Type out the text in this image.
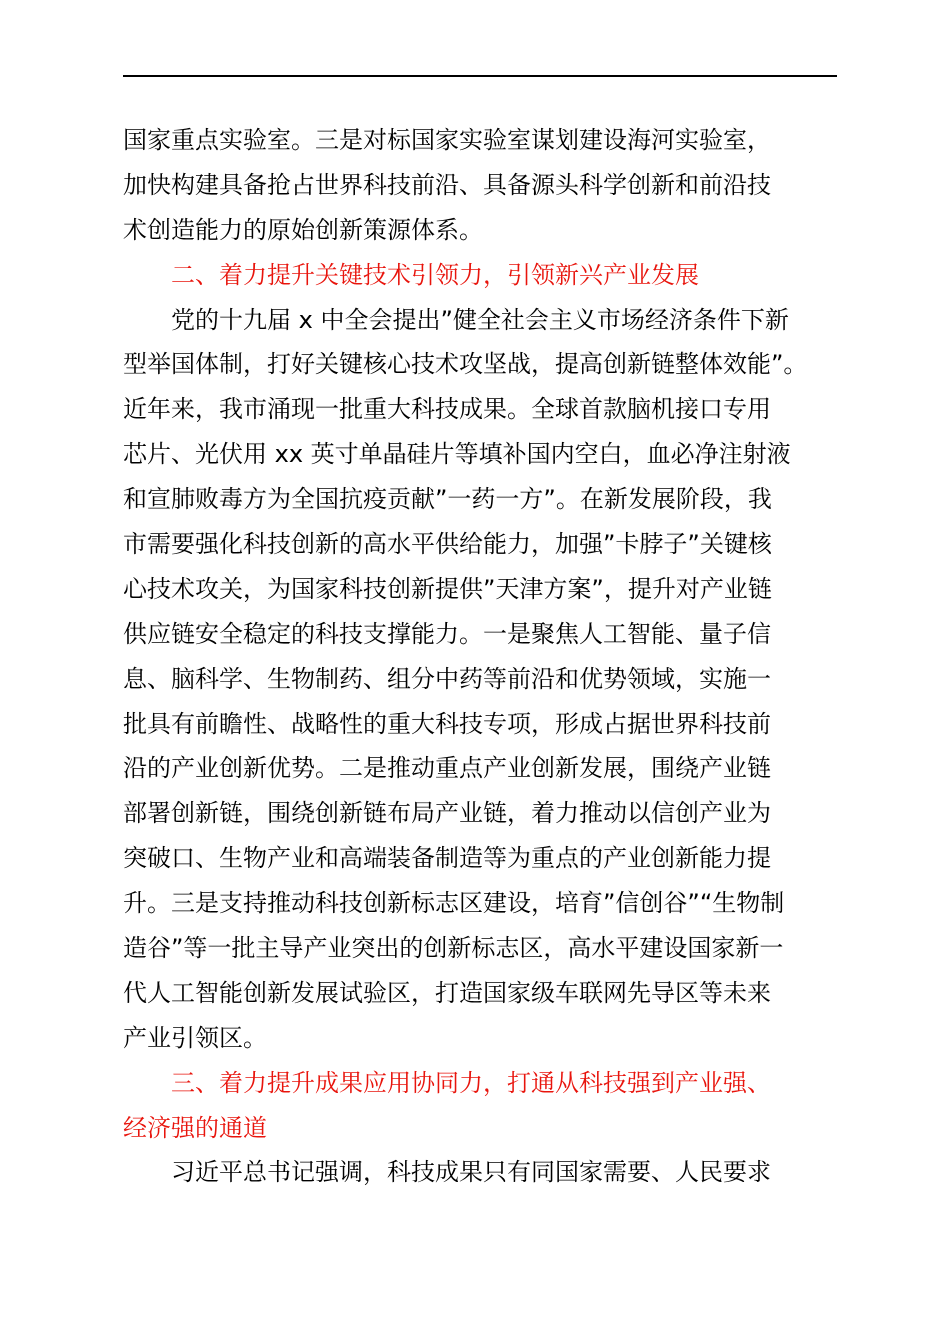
国家重点实验室。三是对标国家实验室谋划建设海河实验室，
加快构建具备抢占世界科技前沿、具备源头科学创新和前沿技
术创造能力的原始创新策源体系。
二、着力提升关键技术引领力，引领新兴产业发展
党的十九届 x 中全会提出”健全社会主义市场经济条件下新
型举国体制，打好关键核心技术攻坚战，提高创新链整体效能”。
近年来，我市涌现一批重大科技成果。全球首款脑机接口专用
芯片、光伏用 xx 英寸单晶硅片等填补国内空白，血必净注射液
和宣肺败毒方为全国抗疫贡献”一药一方”。在新发展阶段，我
市需要强化科技创新的高水平供给能力，加强”卡脖子”关键核
心技术攻关，为国家科技创新提供”天津方案”，提升对产业链
供应链安全稳定的科技支撑能力。一是聚焦人工智能、量子信
息、脑科学、生物制药、组分中药等前沿和优势领域，实施一
批具有前瞻性、战略性的重大科技专项，形成占据世界科技前
沿的产业创新优势。二是推动重点产业创新发展，围绕产业链
部署创新链，围绕创新链布局产业链，着力推动以信创产业为
突破口、生物产业和高端装备制造等为重点的产业创新能力提
升。三是支持推动科技创新标志区建设，培育”信创谷”“生物制
造谷”等一批主导产业突出的创新标志区，高水平建设国家新一
代人工智能创新发展试验区，打造国家级车联网先导区等未来
产业引领区。
三、着力提升成果应用协同力，打通从科技强到产业强、
经济强的通道
习近平总书记强调，科技成果只有同国家需要、人民要求
